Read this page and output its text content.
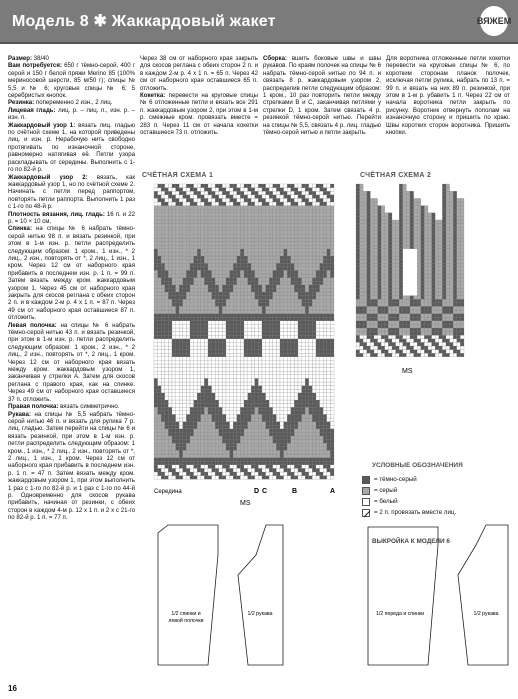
Модель 8 ✱ Жаккардовый жакет	ВЯЖЕМ

Размер: 38/40

Вам потребуется: 650 г тёмно-серой, 400 г серой и 150 г белой пряжи Merino 85 (100% мериносовой шерсти, 85 м/50 г); спицы № 5,5 и № 6; круговые спицы № 6; 5 серебристых кнопок.

Резинка: попеременно 2 изн., 2 лиц.

Лицевая гладь: лиц. р. – лиц. п., изн. р. – изн. п.

Жаккардовый узор 1: вязать лиц. гладью по счётной схеме 1, на которой приведены лиц. и изн. р. Нерабочую нить свободно протягивать по изнаночной стороне, равномерно натягивая её. Петли узора раскладывать от середины. Выполнить с 1-го по 82-й р.

Жаккардовый узор 2: вязать, как жаккардовый узор 1, но по счётной схеме 2. Начинать с петли перед раппортом, повторять петли раппорта. Выполнить 1 раз с 1-го по 48-й р.

Плотность вязания, лиц. гладь: 16 п. и 22 р. = 10 × 10 см.

Спинка: на спицы № 6 набрать тёмно-серой нитью 98 п. и вязать резинкой, при этом в 1-м изн. р. петли распределить следующим образом: 1 кром., 1 изн., * 2 лиц., 2 изн., повторять от *, 2 лиц., 1 изн., 1 кром. Через 12 см от наборного края прибавить в последнем изн. р. 1 п. = 99 п. Затем вязать между кром. жаккардовым узором 1. Через 45 см от наборного края закрыть для скосов реглана с обеих сторон 2 п. и в каждом 2-м р. 4 х 1 п. = 87 п. Через 49 см от наборного края оставшиеся 87 п. отложить.

Левая полочка: на спицы № 6 набрать тёмно-серой нитью 43 п. и вязать резинкой, при этом в 1-м изн. р. петли распределить следующим образом: 1 кром., 2 изн., * 2 лиц., 2 изн., повторять от *, 2 лиц., 1 кром. Через 12 см от наборного края вязать между кром. жаккардовым узором 1, заканчивая у стрелки A. Затем для скосов реглана с правого края, как на спинке. Через 49 см от наборного края оставшиеся 37 п. отложить.

Правая полочка: вязать симметрично.

Рукава: на спицы № 5,5 набрать тёмно-серой нитью 46 п. и вязать для рулика 7 р. лиц. гладью. Затем перейти на спицы № 6 и вязать резинкой, при этом в 1-м изн. р. петли распределить следующим образом: 1 кром., 1 изн., * 2 лиц., 2 изн., повторять от *, 2 лиц., 1 изн., 1 кром. Через 12 см от наборного края прибавить в последнем изн. р. 1 п. = 47 п. Затем вязать между кром. жаккардовым узором 1, при этом выполнить 1 раз с 1-го по 82-й р. и 1 раз с 1-го по 44-й р. Одновременно для скосов рукава прибавить, начиная от резинки, с обеих сторон в каждом 4-м р. 12 х 1 п. и 2 х с 21-го по 82-й р. 1 п. = 77 п.

Через 38 см от наборного края закрыть для скосов реглана с обеих сторон 2 п. и в каждом 2-м р. 4 х 1 п. = 65 п. Через 42 см от наборного края оставшиеся 65 п. отложить.

Кокетка: перевести на круговые спицы № 6 отложенные петли и вязать все 291 п. жаккардовым узором 2, при этом в 1-м р. смежные кром. провязать вместе = 283 п. Через 11 см от начала кокетки оставшиеся 73 п. отложить.

Сборка: вшить боковые швы и швы рукавов. По краям полочек на спицы № 6 набрать тёмно-серой нитью по 94 п. и связать 8 р. жаккардовым узором 2, распределив петли следующим образом: 1 кром., 10 раз повторить петли между стрелками B и C, заканчивая петлями у стрелки D, 1 кром. Затем связать 4 р. резинкой тёмно-серой нитью. Перейти на спицы № 5,5, связать 4 р. лиц. гладью тёмно-серой нитью и петли закрыть.

Для воротника отложенные петли кокетки перевести на круговые спицы № 6, по коротким сторонам планок полочек, исключая петли рулика, набрать по 13 п. = 99 п. и вязать на них 89 п. резинкой, при этом в 1-м р. убавить 1 п. Через 22 см от начала воротника петли закрыть по рисунку. Воротник отвернуть пополам на изнаночную сторону и пришить по краю. Швы коротких сторон воротника. Пришить кнопки.

СЧЁТНАЯ СХЕМА 1	СЧЁТНАЯ СХЕМА 2
Середина	D C	B	A
MS
MS
УСЛОВНЫЕ ОБОЗНАЧЕНИЯ
= тёмно-серый
= серый
= белый
= 2 п. провязать вместе лиц.
ВЫКРОЙКА К МОДЕЛИ 6
1/2 спинки и
левой полочки
1/2 рукава	1/2 переда и спинки	1/2 рукава
16
